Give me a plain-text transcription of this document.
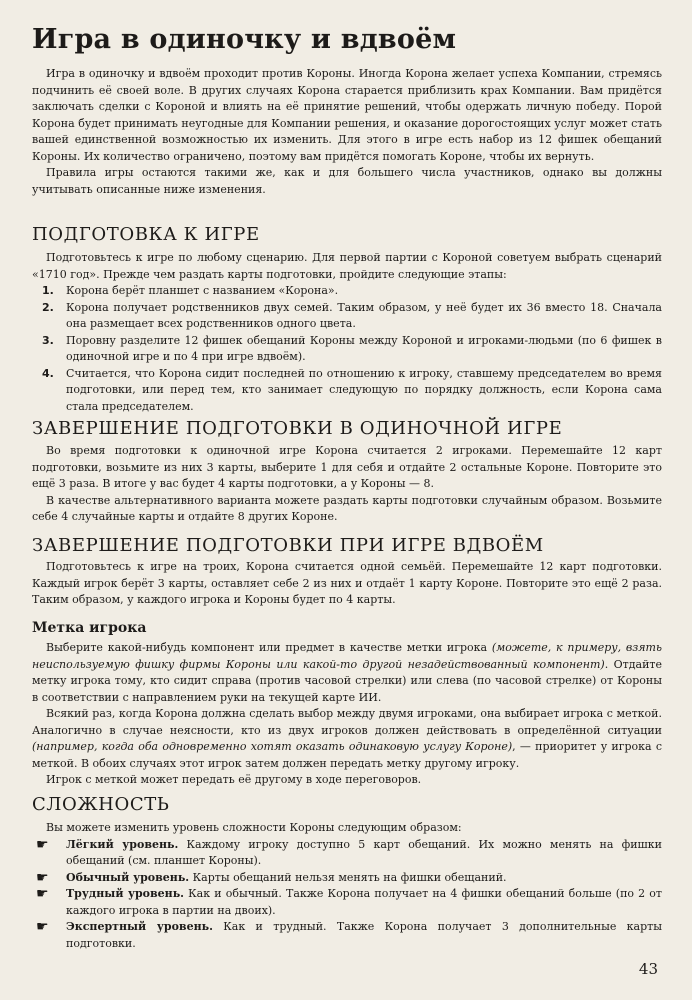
Игра в одиночку и вдвоём

Игра в одиночку и вдвоём проходит против Короны. Иногда Корона желает успеха Компании, стремясь подчинить её своей воле. В других случаях Корона старается приблизить крах Компании. Вам придётся заключать сделки с Короной и влиять на её принятие решений, чтобы одержать личную победу. Порой Корона будет принимать неугодные для Компании решения, и оказание дорогостоящих услуг может стать вашей единственной возможностью их изменить. Для этого в игре есть набор из 12 фишек обещаний Короны. Их количество ограничено, поэтому вам придётся помогать Короне, чтобы их вернуть.

Правила игры остаются такими же, как и для большего числа участников, однако вы должны учитывать описанные ниже изменения.

ПОДГОТОВКА К ИГРЕ

Подготовьтесь к игре по любому сценарию. Для первой партии с Короной советуем выбрать сценарий «1710 год». Прежде чем раздать карты подготовки, пройдите следующие этапы:

1. Корона берёт планшет с названием «Корона».
2. Корона получает родственников двух семей. Таким образом, у неё будет их 36 вместо 18. Сначала она размещает всех родственников одного цвета.
3. Поровну разделите 12 фишек обещаний Короны между Короной и игроками-людьми (по 6 фишек в одиночной игре и по 4 при игре вдвоём).
4. Считается, что Корона сидит последней по отношению к игроку, ставшему председателем во время подготовки, или перед тем, кто занимает следующую по порядку должность, если Корона сама стала председателем.
ЗАВЕРШЕНИЕ ПОДГОТОВКИ В ОДИНОЧНОЙ ИГРЕ

Во время подготовки к одиночной игре Корона считается 2 игроками. Перемешайте 12 карт подготовки, возьмите из них 3 карты, выберите 1 для себя и отдайте 2 остальные Короне. Повторите это ещё 3 раза. В итоге у вас будет 4 карты подготовки, а у Короны — 8.

В качестве альтернативного варианта можете раздать карты подготовки случайным образом. Возьмите себе 4 случайные карты и отдайте 8 других Короне.

ЗАВЕРШЕНИЕ ПОДГОТОВКИ ПРИ ИГРЕ ВДВОЁМ

Подготовьтесь к игре на троих, Корона считается одной семьёй. Перемешайте 12 карт подготовки. Каждый игрок берёт 3 карты, оставляет себе 2 из них и отдаёт 1 карту Короне. Повторите это ещё 2 раза. Таким образом, у каждого игрока и Короны будет по 4 карты.

Метка игрока

Выберите какой-нибудь компонент или предмет в качестве метки игрока (можете, к примеру, взять неиспользуемую фишку фирмы Короны или какой-то другой незадействованный компонент). Отдайте метку игрока тому, кто сидит справа (против часовой стрелки) или слева (по часовой стрелке) от Короны в соответствии с направлением руки на текущей карте ИИ.

Всякий раз, когда Корона должна сделать выбор между двумя игроками, она выбирает игрока с меткой. Аналогично в случае неясности, кто из двух игроков должен действовать в определённой ситуации (например, когда оба одновременно хотят оказать одинаковую услугу Короне), — приоритет у игрока с меткой. В обоих случаях этот игрок затем должен передать метку другому игроку.

Игрок с меткой может передать её другому в ходе переговоров.

СЛОЖНОСТЬ

Вы можете изменить уровень сложности Короны следующим образом:

☛ Лёгкий уровень. Каждому игроку доступно 5 карт обещаний. Их можно менять на фишки обещаний (см. планшет Короны).
☛ Обычный уровень. Карты обещаний нельзя менять на фишки обещаний.
☛ Трудный уровень. Как и обычный. Также Корона получает на 4 фишки обещаний больше (по 2 от каждого игрока в партии на двоих).
☛ Экспертный уровень. Как и трудный. Также Корона получает 3 дополнительные карты подготовки.
43
